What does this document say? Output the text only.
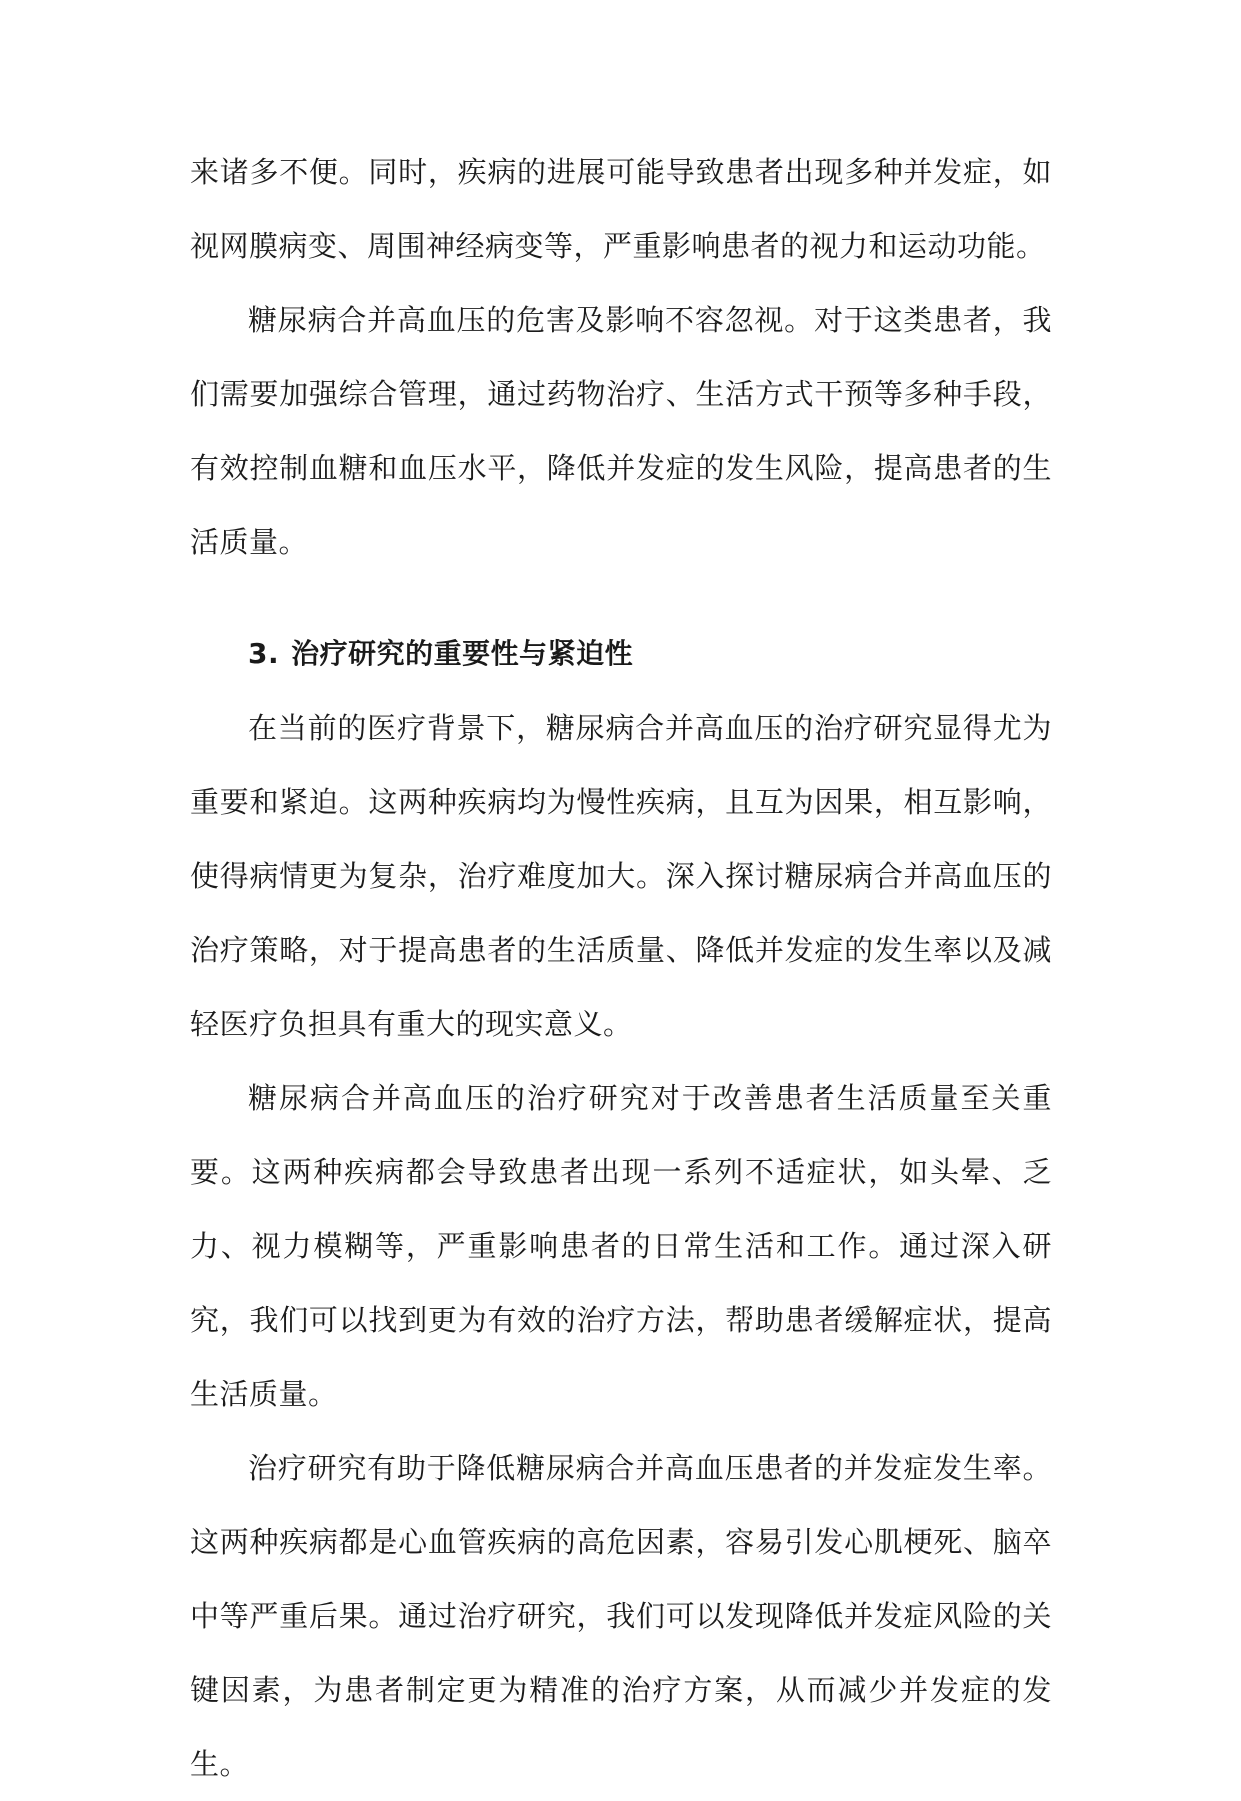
来诸多不便。同时，疾病的进展可能导致患者出现多种并发症，如视网膜病变、周围神经病变等，严重影响患者的视力和运动功能。

糖尿病合并高血压的危害及影响不容忽视。对于这类患者，我们需要加强综合管理，通过药物治疗、生活方式干预等多种手段，有效控制血糖和血压水平，降低并发症的发生风险，提高患者的生活质量。

3. 治疗研究的重要性与紧迫性

在当前的医疗背景下，糖尿病合并高血压的治疗研究显得尤为重要和紧迫。这两种疾病均为慢性疾病，且互为因果，相互影响，使得病情更为复杂，治疗难度加大。深入探讨糖尿病合并高血压的治疗策略，对于提高患者的生活质量、降低并发症的发生率以及减轻医疗负担具有重大的现实意义。

糖尿病合并高血压的治疗研究对于改善患者生活质量至关重要。这两种疾病都会导致患者出现一系列不适症状，如头晕、乏力、视力模糊等，严重影响患者的日常生活和工作。通过深入研究，我们可以找到更为有效的治疗方法，帮助患者缓解症状，提高生活质量。

治疗研究有助于降低糖尿病合并高血压患者的并发症发生率。这两种疾病都是心血管疾病的高危因素，容易引发心肌梗死、脑卒中等严重后果。通过治疗研究，我们可以发现降低并发症风险的关键因素，为患者制定更为精准的治疗方案，从而减少并发症的发生。
